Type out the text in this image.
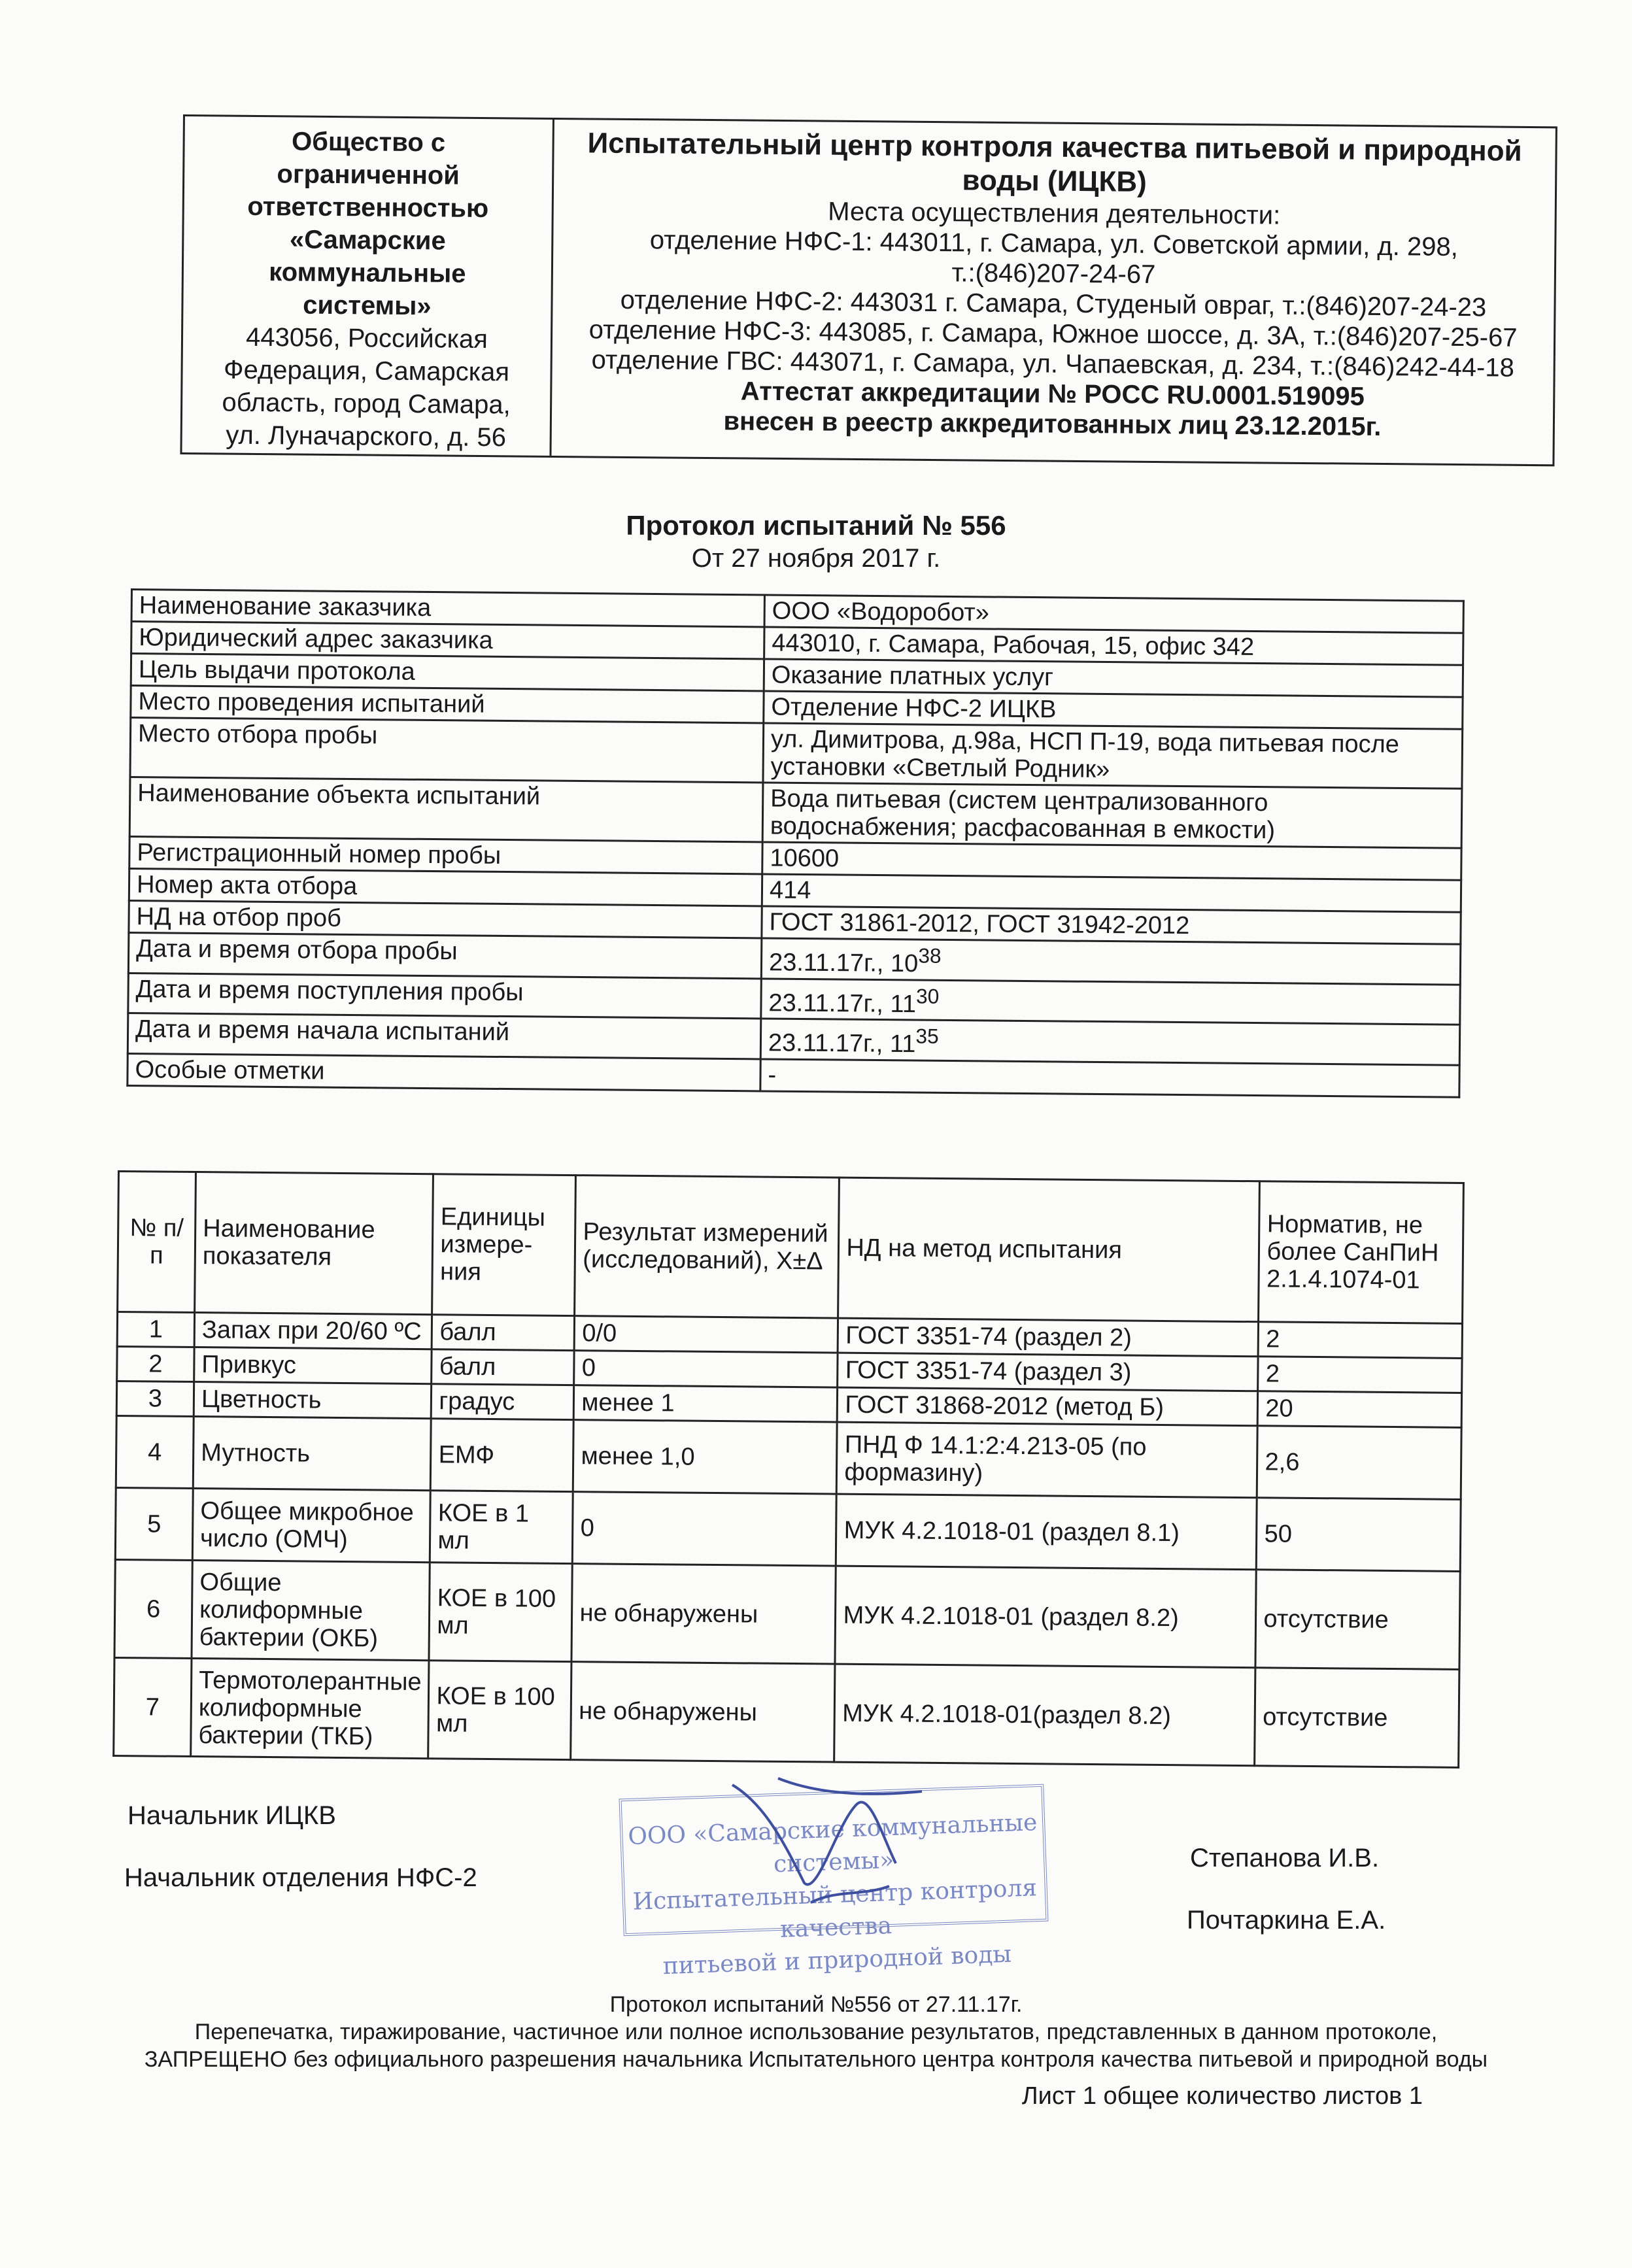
Общество с
ограниченной
ответственностью
«Самарские
коммунальные
системы»
443056, Российская
Федерация, Самарская
область, город Самара,
ул. Луначарского, д. 56
Испытательный центр контроля качества питьевой и природной
воды (ИЦКВ)
Места осуществления деятельности:
отделение НФС-1: 443011, г. Самара, ул. Советской армии, д. 298,
т.:(846)207-24-67
отделение НФС-2: 443031 г. Самара, Студеный овраг, т.:(846)207-24-23
отделение НФС-3: 443085, г. Самара, Южное шоссе, д. 3А, т.:(846)207-25-67
отделение ГВС: 443071, г. Самара, ул. Чапаевская, д. 234, т.:(846)242-44-18
Аттестат аккредитации № РОСС RU.0001.519095
внесен в реестр аккредитованных лиц 23.12.2015г.
Протокол испытаний № 556
От 27 ноября 2017 г.
Наименование заказчика	ООО «Водоробот»
Юридический адрес заказчика	443010, г. Самара, Рабочая, 15, офис 342
Цель выдачи протокола	Оказание платных услуг
Место проведения испытаний	Отделение НФС-2 ИЦКВ
Место отбора пробы	ул. Димитрова, д.98а, НСП П-19, вода питьевая после установки «Светлый Родник»
Наименование объекта испытаний	Вода питьевая (систем централизованного водоснабжения; расфасованная в емкости)
Регистрационный номер пробы	10600
Номер акта отбора	414
НД на отбор проб	ГОСТ 31861-2012, ГОСТ 31942-2012
Дата и время отбора пробы	23.11.17г., $10^{38}$
Дата и время поступления пробы	23.11.17г., $11^{30}$
Дата и время начала испытаний	23.11.17г., $11^{35}$
Особые отметки	-
№ п/п	Наименование показателя	Единицы измере-ния	Результат измерений (исследований), Х±Δ	НД на метод испытания	Норматив, не более СанПиН 2.1.4.1074-01
1	Запах при 20/60 ºС	балл	0/0	ГОСТ 3351-74 (раздел 2)	2
2	Привкус	балл	0	ГОСТ 3351-74 (раздел 3)	2
3	Цветность	градус	менее 1	ГОСТ 31868-2012 (метод Б)	20
4	Мутность	ЕМФ	менее 1,0	ПНД Ф 14.1:2:4.213-05 (по формазину)	2,6
5	Общее микробное число (ОМЧ)	КОЕ в 1 мл	0	МУК 4.2.1018-01 (раздел 8.1)	50
6	Общие колиформные бактерии (ОКБ)	КОЕ в 100 мл	не обнаружены	МУК 4.2.1018-01 (раздел 8.2)	отсутствие
7	Термотолерантные колиформные бактерии (ТКБ)	КОЕ в 100 мл	не обнаружены	МУК 4.2.1018-01(раздел 8.2)	отсутствие
Начальник ИЦКВ
Начальник отделения НФС-2
Степанова И.В.
Почтаркина Е.А.
ООО «Самарские коммунальные системы»
Испытательный центр контроля качества
питьевой и природной воды
Протокол испытаний №556 от 27.11.17г.
Перепечатка, тиражирование, частичное или полное использование результатов, представленных в данном протоколе,
ЗАПРЕЩЕНО без официального разрешения начальника Испытательного центра контроля качества питьевой и природной воды
Лист 1 общее количество листов 1
